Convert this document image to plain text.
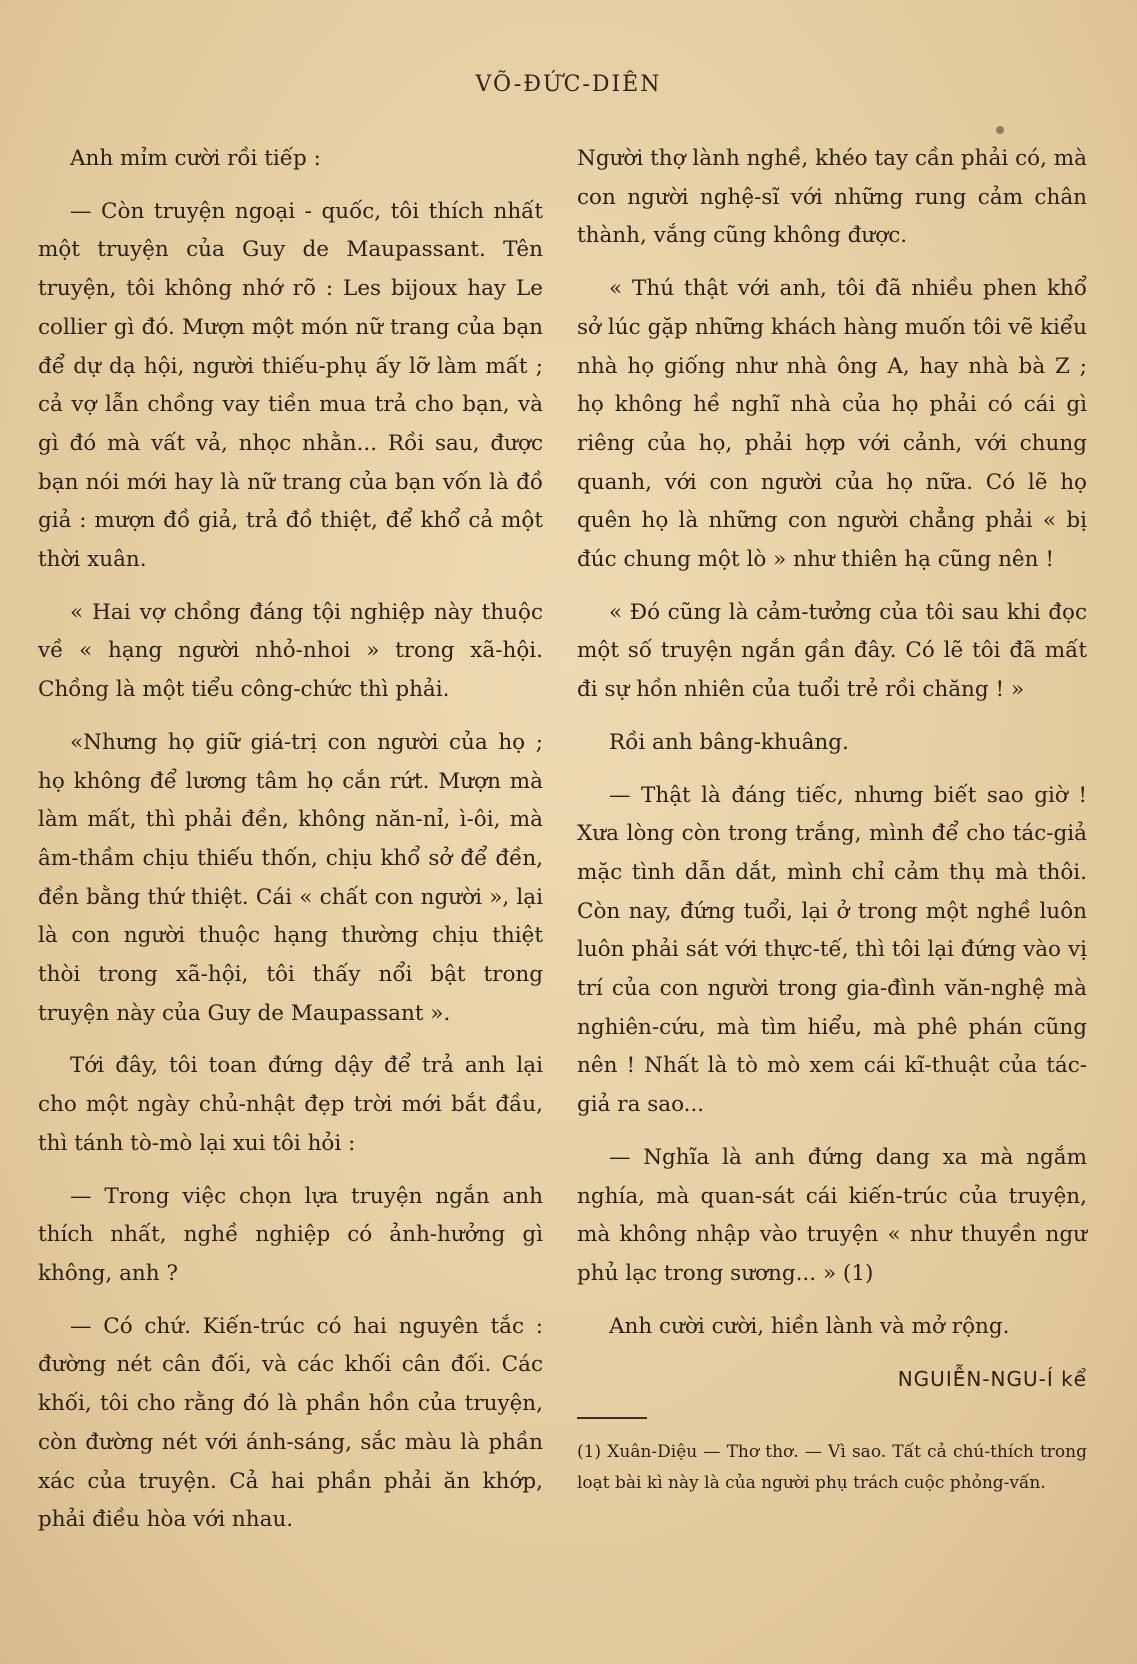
VÕ-ĐỨC-DIÊN

Anh mỉm cười rồi tiếp :

— Còn truyện ngoại - quốc, tôi thích nhất một truyện của Guy de Maupassant. Tên truyện, tôi không nhớ rõ : Les bijoux hay Le collier gì đó. Mượn một món nữ trang của bạn để dự dạ hội, người thiếu-phụ ấy lỡ làm mất ; cả vợ lẫn chồng vay tiền mua trả cho bạn, và gì đó mà vất vả, nhọc nhằn... Rồi sau, được bạn nói mới hay là nữ trang của bạn vốn là đồ giả : mượn đồ giả, trả đồ thiệt, để khổ cả một thời xuân.

« Hai vợ chồng đáng tội nghiệp này thuộc về « hạng người nhỏ-nhoi » trong xã-hội. Chồng là một tiểu công-chức thì phải.

«Nhưng họ giữ giá-trị con người của họ ; họ không để lương tâm họ cắn rứt. Mượn mà làm mất, thì phải đền, không năn-nỉ, ì-ôi, mà âm-thầm chịu thiếu thốn, chịu khổ sở để đền, đền bằng thứ thiệt. Cái « chất con người », lại là con người thuộc hạng thường chịu thiệt thòi trong xã-hội, tôi thấy nổi bật trong truyện này của Guy de Maupassant ».

Tới đây, tôi toan đứng dậy để trả anh lại cho một ngày chủ-nhật đẹp trời mới bắt đầu, thì tánh tò-mò lại xui tôi hỏi :

— Trong việc chọn lựa truyện ngắn anh thích nhất, nghề nghiệp có ảnh-hưởng gì không, anh ?

— Có chứ. Kiến-trúc có hai nguyên tắc : đường nét cân đối, và các khối cân đối. Các khối, tôi cho rằng đó là phần hồn của truyện, còn đường nét với ánh-sáng, sắc màu là phần xác của truyện. Cả hai phần phải ăn khớp, phải điều hòa với nhau.

Người thợ lành nghề, khéo tay cần phải có, mà con người nghệ-sĩ với những rung cảm chân thành, vắng cũng không được.

« Thú thật với anh, tôi đã nhiều phen khổ sở lúc gặp những khách hàng muốn tôi vẽ kiểu nhà họ giống như nhà ông A, hay nhà bà Z ; họ không hề nghĩ nhà của họ phải có cái gì riêng của họ, phải hợp với cảnh, với chung quanh, với con người của họ nữa. Có lẽ họ quên họ là những con người chẳng phải « bị đúc chung một lò » như thiên hạ cũng nên !

« Đó cũng là cảm-tưởng của tôi sau khi đọc một số truyện ngắn gần đây. Có lẽ tôi đã mất đi sự hồn nhiên của tuổi trẻ rồi chăng ! »

Rồi anh bâng-khuâng.

— Thật là đáng tiếc, nhưng biết sao giờ ! Xưa lòng còn trong trắng, mình để cho tác-giả mặc tình dẫn dắt, mình chỉ cảm thụ mà thôi. Còn nay, đứng tuổi, lại ở trong một nghề luôn luôn phải sát với thực-tế, thì tôi lại đứng vào vị trí của con người trong gia-đình văn-nghệ mà nghiên-cứu, mà tìm hiểu, mà phê phán cũng nên ! Nhất là tò mò xem cái kĩ-thuật của tác-giả ra sao...

— Nghĩa là anh đứng dang xa mà ngắm nghía, mà quan-sát cái kiến-trúc của truyện, mà không nhập vào truyện « như thuyền ngư phủ lạc trong sương... » (1)

Anh cười cười, hiền lành và mở rộng.

NGUIỄN-NGU-Í kể

(1) Xuân-Diệu — Thơ thơ. — Vì sao. Tất cả chú-thích trong loạt bài kì này là của người phụ trách cuộc phỏng-vấn.
